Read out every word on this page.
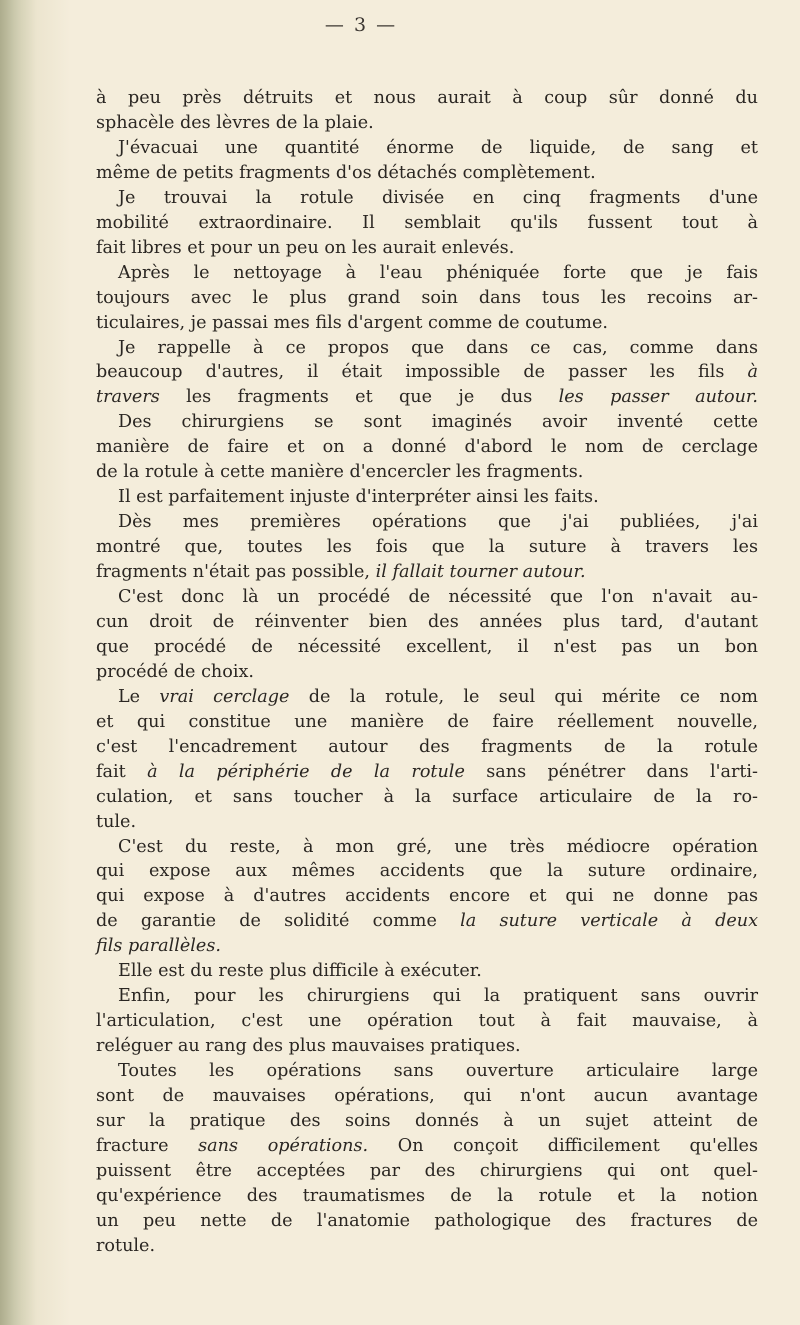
— 3 —
à peu près détruits et nous aurait à coup sûr donné du
sphacèle des lèvres de la plaie.
J'évacuai une quantité énorme de liquide, de sang et
même de petits fragments d'os détachés complètement.
Je trouvai la rotule divisée en cinq fragments d'une
mobilité extraordinaire. Il semblait qu'ils fussent tout à
fait libres et pour un peu on les aurait enlevés.
Après le nettoyage à l'eau phéniquée forte que je fais
toujours avec le plus grand soin dans tous les recoins ar-
ticulaires, je passai mes fils d'argent comme de coutume.
Je rappelle à ce propos que dans ce cas, comme dans
beaucoup d'autres, il était impossible de passer les fils à
travers les fragments et que je dus les passer autour.
Des chirurgiens se sont imaginés avoir inventé cette
manière de faire et on a donné d'abord le nom de cerclage
de la rotule à cette manière d'encercler les fragments.
Il est parfaitement injuste d'interpréter ainsi les faits.
Dès mes premières opérations que j'ai publiées, j'ai
montré que, toutes les fois que la suture à travers les
fragments n'était pas possible, il fallait tourner autour.
C'est donc là un procédé de nécessité que l'on n'avait au-
cun droit de réinventer bien des années plus tard, d'autant
que procédé de nécessité excellent, il n'est pas un bon
procédé de choix.
Le vrai cerclage de la rotule, le seul qui mérite ce nom
et qui constitue une manière de faire réellement nouvelle,
c'est l'encadrement autour des fragments de la rotule
fait à la périphérie de la rotule sans pénétrer dans l'arti-
culation, et sans toucher à la surface articulaire de la ro-
tule.
C'est du reste, à mon gré, une très médiocre opération
qui expose aux mêmes accidents que la suture ordinaire,
qui expose à d'autres accidents encore et qui ne donne pas
de garantie de solidité comme la suture verticale à deux
fils parallèles.
Elle est du reste plus difficile à exécuter.
Enfin, pour les chirurgiens qui la pratiquent sans ouvrir
l'articulation, c'est une opération tout à fait mauvaise, à
reléguer au rang des plus mauvaises pratiques.
Toutes les opérations sans ouverture articulaire large
sont de mauvaises opérations, qui n'ont aucun avantage
sur la pratique des soins donnés à un sujet atteint de
fracture sans opérations. On conçoit difficilement qu'elles
puissent être acceptées par des chirurgiens qui ont quel-
qu'expérience des traumatismes de la rotule et la notion
un peu nette de l'anatomie pathologique des fractures de
rotule.
